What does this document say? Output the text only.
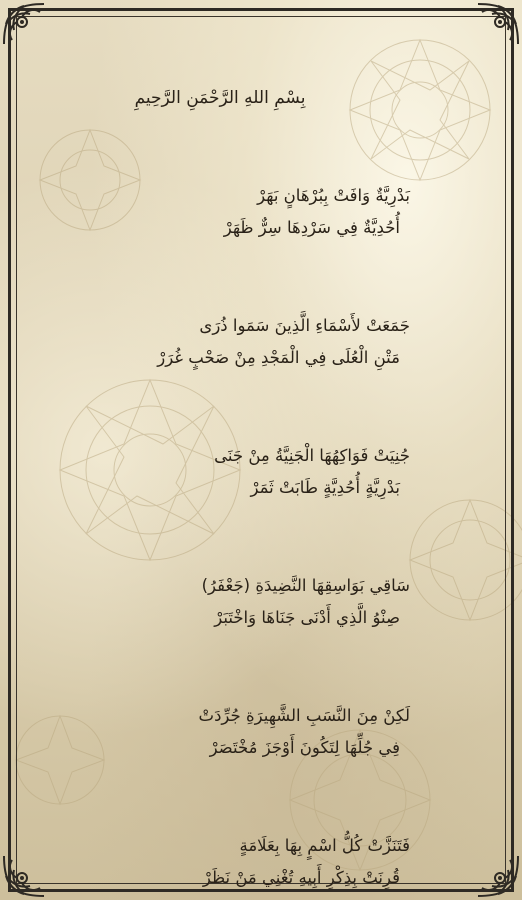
بِسْمِ اللهِ الرَّحْمَنِ الرَّحِيمِ
بَدْرِيَّةٌ وَافَتْ بِبُرْهَانٍ بَهَرْ
أُحُدِيَّةٌ فِي سَرْدِهَا سِرٌّ ظَهَرْ
جَمَعَتْ لأَسْمَاءِ الَّذِينَ سَمَوا ذُرَى
مَتْنِ الْعُلَى فِي الْمَجْدِ مِنْ صَحْبٍ غُرَرْ
جُنِيَتْ فَوَاكِهُهَا الْجَنِيَّةُ مِنْ جَنَى
بَدْرِيَّةٍ أُحُدِيَّةٍ طَابَتْ ثَمَرْ
سَاقِي بَوَاسِقِهَا النَّضِيدَةِ (جَعْفَرُ)
صِنْوُ الَّذِي أَدْنَى جَنَاهَا وَاخْتَبَرْ
لَكِنْ مِنَ النَّسَبِ الشَّهِيرَةِ جُرِّدَتْ
فِي جُلِّهَا لِتَكُونَ أَوْجَزَ مُخْتَصَرْ
فَتَنَزَّتْ كُلُّ اسْمٍ بِهَا بِعَلَامَةٍ
قُرِنَتْ بِذِكْرِ أَبِيهِ تُغْنِي مَنْ نَظَرْ
